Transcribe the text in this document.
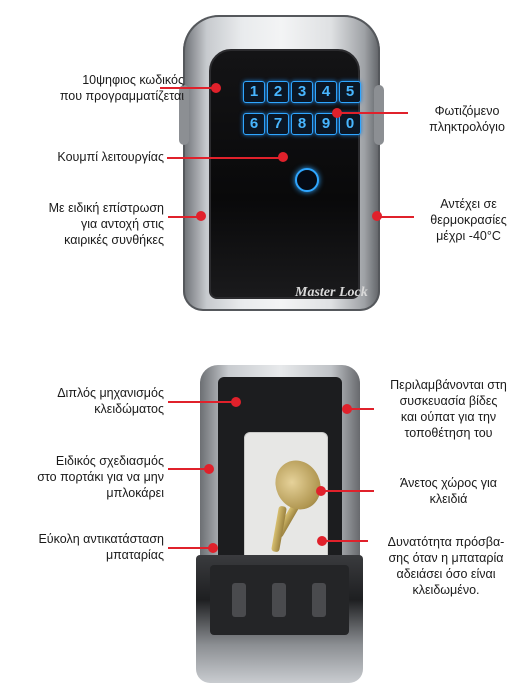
1	2	3	4	5
6	7	8	9	0
Master Lock
10ψηφιος κωδικός
που προγραμματίζεται
Κουμπί λειτουργίας
Με ειδική επίστρωση
για αντοχή στις
καιρικές συνθήκες
Φωτιζόμενο
πληκτρολόγιο
Αντέχει σε
θερμοκρασίες
μέχρι -40°C
Διπλός μηχανισμός
κλειδώματος
Ειδικός σχεδιασμός
στο πορτάκι για να μην
μπλοκάρει
Εύκολη αντικατάσταση
μπαταρίας
Περιλαμβάνονται στη
συσκευασία βίδες
και ούπατ για την
τοποθέτηση του
Άνετος χώρος για
κλειδιά
Δυνατότητα πρόσβα-
σης όταν η μπαταρία
αδειάσει όσο είναι
κλειδωμένο.
